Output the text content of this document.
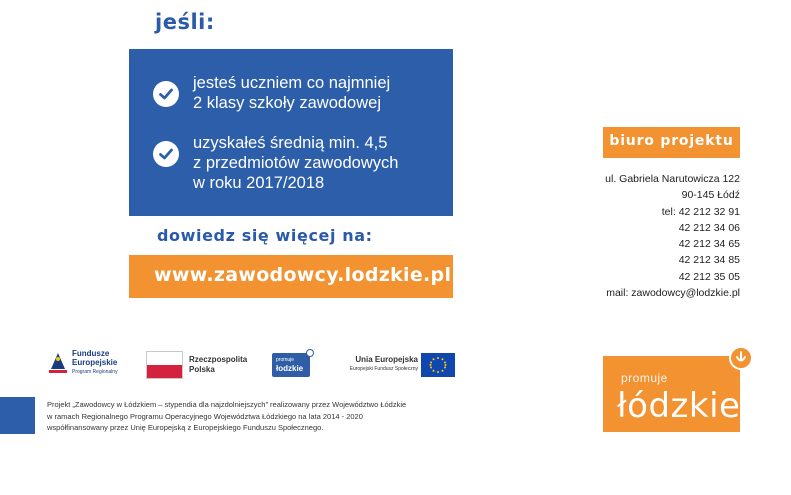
jeśli:
jesteś uczniem co najmniej
2 klasy szkoły zawodowej
uzyskałeś średnią min. 4,5
z przedmiotów zawodowych
w roku 2017/2018
dowiedz się więcej na:
www.zawodowcy.lodzkie.pl
biuro projektu
ul. Gabriela Narutowicza 122
90-145 Łódź
tel: 42 212 32 91
42 212 34 06
42 212 34 65
42 212 34 85
42 212 35 05
mail: zawodowcy@lodzkie.pl
Fundusze
Europejskie
Program Regionalny
Rzeczpospolita
Polska
promuje
łodzkie
Unia Europejska
Europejski Fundusz Społeczny
Projekt „Zawodowcy w Łódzkiem – stypendia dla najzdolniejszych” realizowany przez Województwo Łódzkie
w ramach Regionalnego Programu Operacyjnego Województwa Łódzkiego na lata 2014 - 2020
współfinansowany przez Unię Europejską z Europejskiego Funduszu Społecznego.
promuje
łódzkie
